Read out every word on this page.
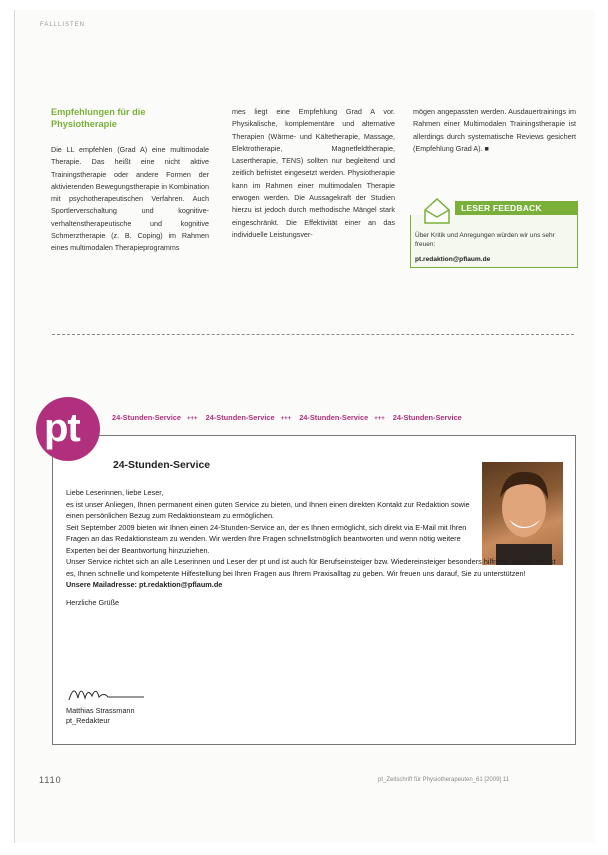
FALLLISTEN
Empfehlungen für die Physiotherapie
Die LL empfehlen (Grad A) eine multimodale Therapie. Das heißt eine nicht aktive Trainingstherapie oder andere Formen der aktivierenden Bewegungstherapie in Kombination mit psychotherapeutischen Verfahren. Auch Sportlerverschaltung und kognitive-verhaltenstherapeutische und kognitive Schmerztherapie (z. B. Coping) im Rahmen eines multimodalen Therapieprogramms
mes liegt eine Empfehlung Grad A vor. Physikalische, komplementäre und alternative Therapien (Wärme- und Kältetherapie, Massage, Elektrotherapie, Magnetfeldtherapie, Lasertherapie, TENS) sollten nur begleitend und zeitlich befristet eingesetzt werden. Physiotherapie kann im Rahmen einer multimodalen Therapie erwogen werden. Die Aussagekraft der Studien hierzu ist jedoch durch methodische Mängel stark eingeschränkt. Die Effektivität einer an das individuelle Leistungsver-
mögen angepassten werden. Ausdauertrainings im Rahmen einer Multimodalen Trainingstherapie ist allerdings durch systematische Reviews gesichert (Empfehlung Grad A). ■
LESER FEEDBACK
Über Kritik und Anregungen würden wir uns sehr freuen:
pt.redaktion@pflaum.de
pt	24-Stunden-Service +++ 24-Stunden-Service +++ 24-Stunden-Service +++ 24-Stunden-Service
24-Stunden-Service

Liebe Leserinnen, liebe Leser,

es ist unser Anliegen, Ihnen permanent einen guten Service zu bieten, und Ihnen einen direkten Kontakt zur Redaktion sowie einen persönlichen Bezug zum Redaktionsteam zu ermöglichen.

Seit September 2009 bieten wir Ihnen einen 24-Stunden-Service an, der es Ihnen ermöglicht, sich direkt via E-Mail mit Ihren Fragen an das Redaktionsteam zu wenden. Wir werden Ihre Fragen schnellstmöglich beantworten und wenn nötig weitere Experten bei der Beantwortung hinzuziehen.

Unser Service richtet sich an alle Leserinnen und Leser der pt und ist auch für Berufseinsteiger bzw. Wiedereinsteiger besonders hilfreich. Unser Ziel ist es, Ihnen schnelle und kompetente Hilfestellung bei Ihren Fragen aus Ihrem Praxisalltag zu geben. Wir freuen uns darauf, Sie zu unterstützen!

Unsere Mailadresse: pt.redaktion@pflaum.de

Herzliche Grüße

Matthias Strassmann
pt_Redakteur
1110	pt_Zeitschrift für Physiotherapeuten_61 [2009] 11
